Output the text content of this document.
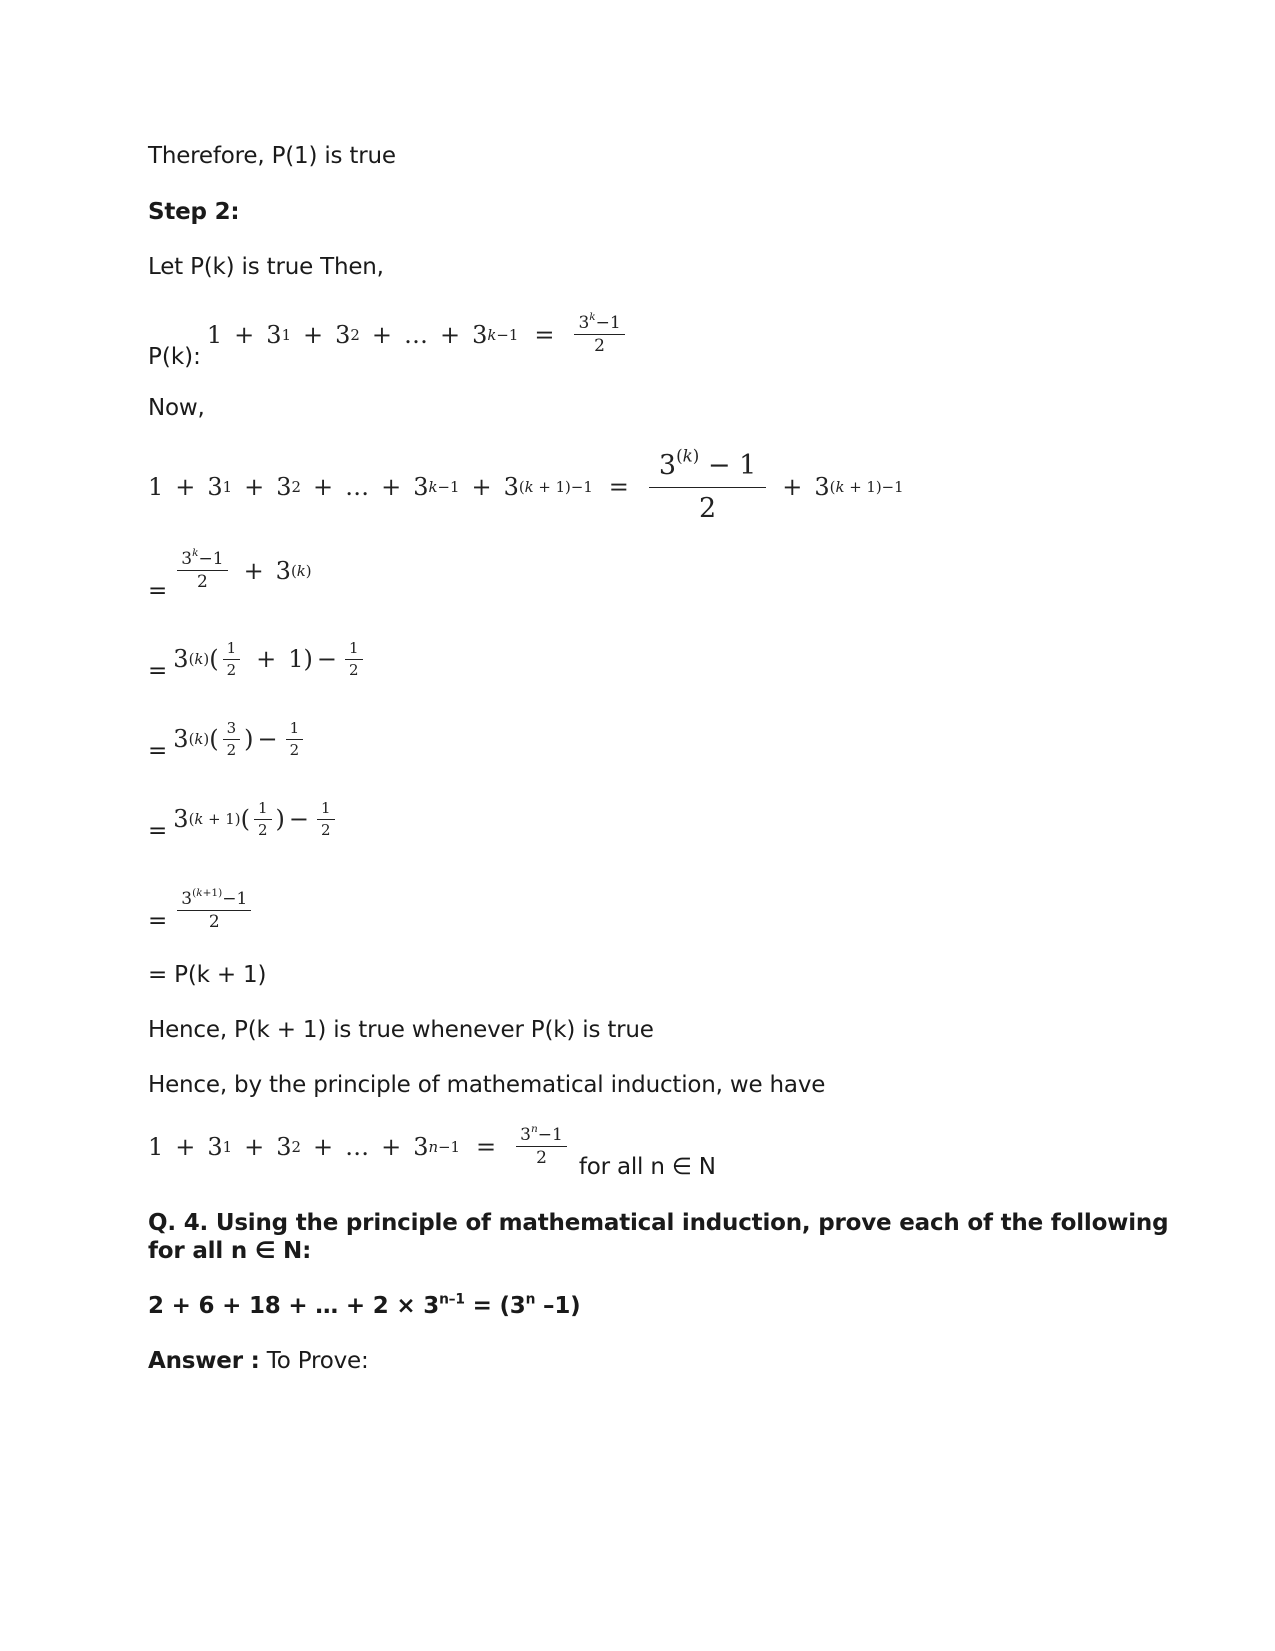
Therefore, P(1) is true
Step 2:
Let P(k) is true Then,
P(k):
1 + 3 1 + 3 2 + … + 3 $k-1 = \frac{3^k-1}{2}$
Now,
1 + 3 1 + 3 2 + … + 3 k−1 + 3 $(k + 1)-1 = \frac{3^{(k)} - 1}{2} + 3$ (k + 1)−1
= $\frac{3^k-1}{2} + 3$ (k)
= 3 (k) ( $\frac{1}{2} + 1) - \frac{1}{2}$
= 3 (k) ( $\frac{3}{2}$ ) − $\frac{1}{2}$
= 3 (k + 1) ( $\frac{1}{2}$ ) − $\frac{1}{2}$
= $\frac{3^{(k+1)}-1}{2}$
= P(k + 1)
Hence, P(k + 1) is true whenever P(k) is true
Hence, by the principle of mathematical induction, we have
1 + 3 1 + 3 2 + … + 3 $n-1 = \frac{3^n-1}{2}$ for all n ∈ N
Q. 4. Using the principle of mathematical induction, prove each of the following
for all n ∈ N:
2 + 6 + 18 + … + $2 \times 3^{n-1} = (3^n$ –1)
Answer : To Prove:
